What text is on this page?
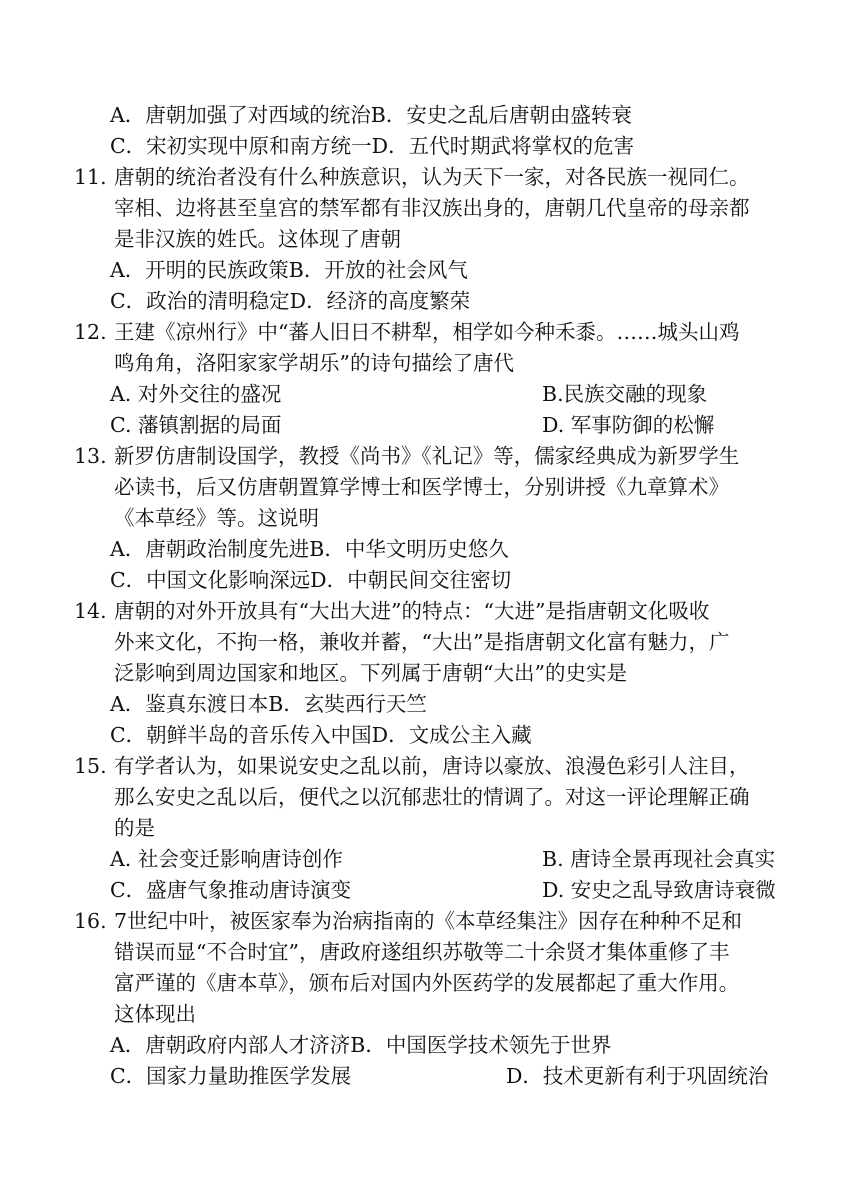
A．唐朝加强了对西域的统治B．安史之乱后唐朝由盛转衰
C．宋初实现中原和南方统一D．五代时期武将掌权的危害
11. 唐朝的统治者没有什么种族意识，认为天下一家，对各民族一视同仁。
宰相、边将甚至皇宫的禁军都有非汉族出身的，唐朝几代皇帝的母亲都
是非汉族的姓氏。这体现了唐朝
A．开明的民族政策B．开放的社会风气
C．政治的清明稳定D．经济的高度繁荣
12. 王建《凉州行》中“蕃人旧日不耕犁，相学如今种禾黍。……城头山鸡
鸣角角，洛阳家家学胡乐”的诗句描绘了唐代
A. 对外交往的盛况	B.民族交融的现象
C. 藩镇割据的局面	D. 军事防御的松懈
13. 新罗仿唐制设国学，教授《尚书》《礼记》等，儒家经典成为新罗学生
必读书，后又仿唐朝置算学博士和医学博士，分别讲授《九章算术》
《本草经》等。这说明
A．唐朝政治制度先进B．中华文明历史悠久
C．中国文化影响深远D．中朝民间交往密切
14. 唐朝的对外开放具有“大出大进”的特点：“大进”是指唐朝文化吸收
外来文化，不拘一格，兼收并蓄，“大出”是指唐朝文化富有魅力，广
泛影响到周边国家和地区。下列属于唐朝“大出”的史实是
A．鉴真东渡日本B．玄奘西行天竺
C．朝鲜半岛的音乐传入中国D．文成公主入藏
15. 有学者认为，如果说安史之乱以前，唐诗以豪放、浪漫色彩引人注目，
那么安史之乱以后，便代之以沉郁悲壮的情调了。对这一评论理解正确
的是
A. 社会变迁影响唐诗创作	B. 唐诗全景再现社会真实
C．盛唐气象推动唐诗演变	D. 安史之乱导致唐诗衰微
16. 7世纪中叶，被医家奉为治病指南的《本草经集注》因存在种种不足和
错误而显“不合时宜”，唐政府遂组织苏敬等二十余贤才集体重修了丰
富严谨的《唐本草》，颁布后对国内外医药学的发展都起了重大作用。
这体现出
A．唐朝政府内部人才济济B．中国医学技术领先于世界
C．国家力量助推医学发展	D．技术更新有利于巩固统治
